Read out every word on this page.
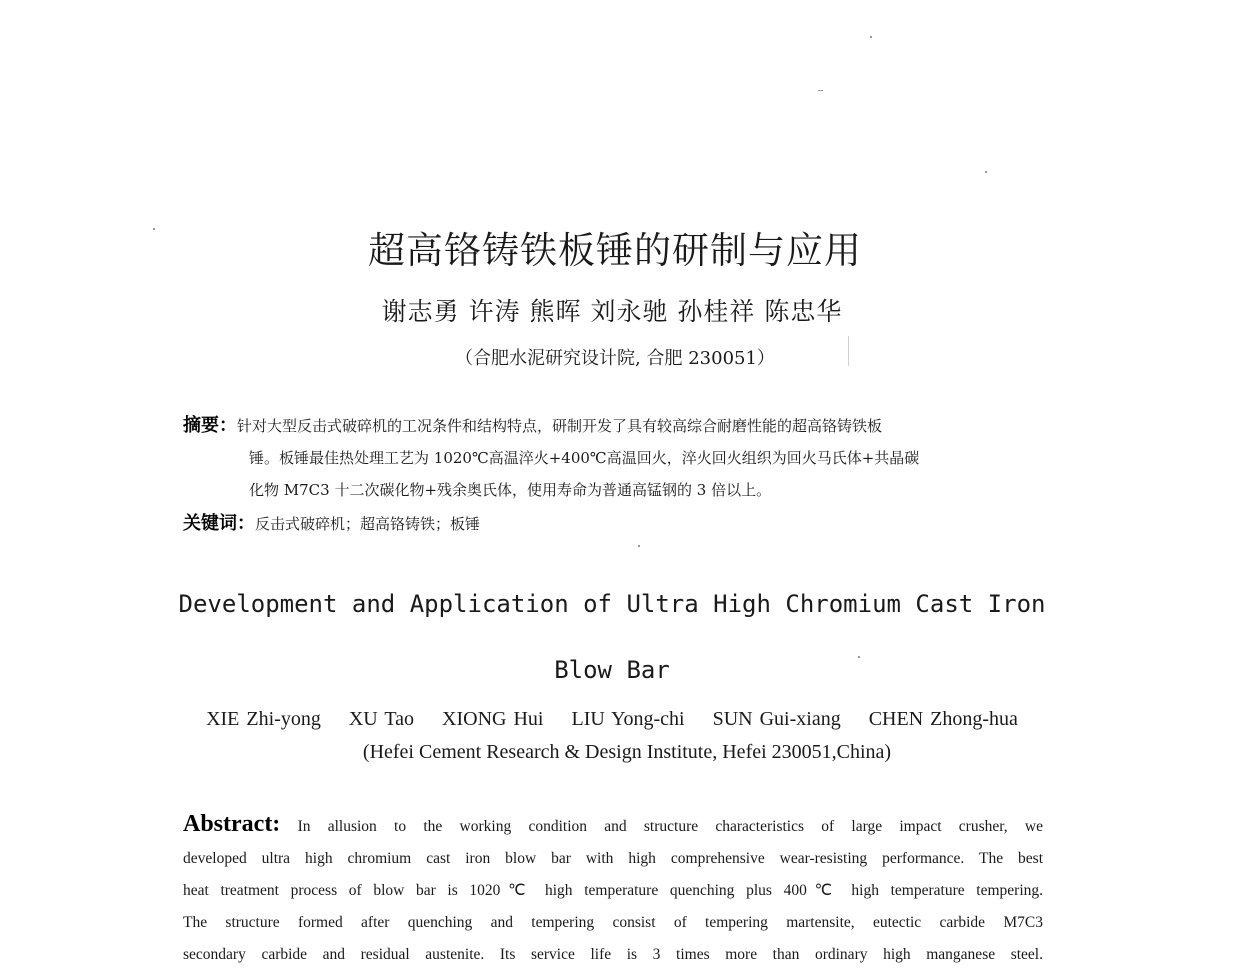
超高铬铸铁板锤的研制与应用
谢志勇 许涛 熊晖 刘永驰 孙桂祥 陈忠华
（合肥水泥研究设计院, 合肥 230051）
摘要：针对大型反击式破碎机的工况条件和结构特点，研制开发了具有较高综合耐磨性能的超高铬铸铁板
锤。板锤最佳热处理工艺为 1020℃高温淬火+400℃高温回火，淬火回火组织为回火马氏体+共晶碳
化物 M7C3 十二次碳化物+残余奥氏体，使用寿命为普通高锰钢的 3 倍以上。
关键词：反击式破碎机；超高铬铸铁；板锤
Development and Application of Ultra High Chromium Cast Iron
Blow Bar
XIE Zhi-yong    XU Tao    XIONG Hui    LIU Yong-chi    SUN Gui-xiang    CHEN Zhong-hua
(Hefei Cement Research & Design Institute, Hefei 230051,China)
Abstract: In allusion to the working condition and structure characteristics of large impact crusher, we
developed ultra high chromium cast iron blow bar with high comprehensive wear-resisting performance. The best
heat treatment process of blow bar is 1020℃ high temperature quenching plus 400℃ high temperature tempering.
The structure formed after quenching and tempering consist of tempering martensite, eutectic carbide M7C3
secondary carbide and residual austenite. Its service life is 3 times more than ordinary high manganese steel.
